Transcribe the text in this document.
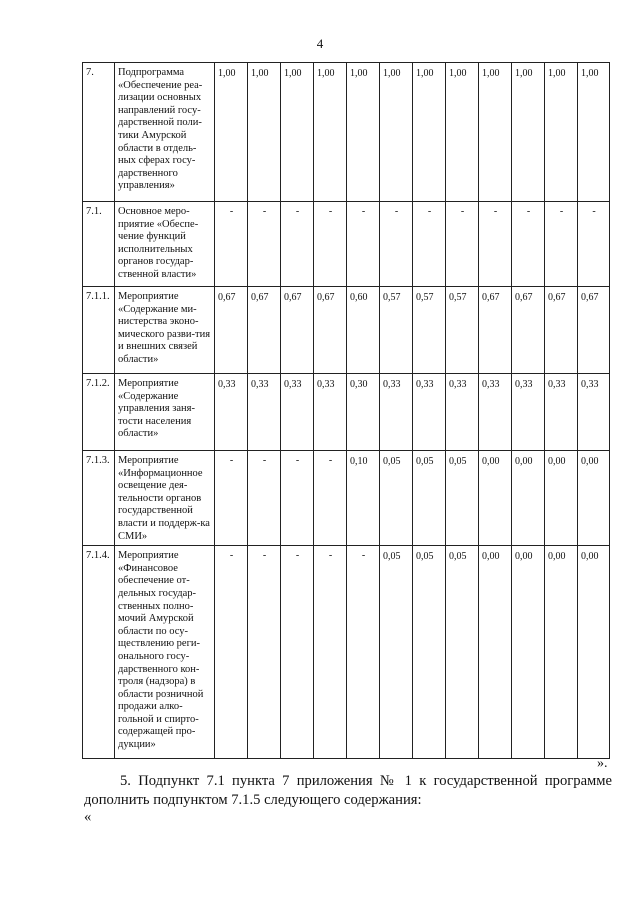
4
7.	Подпрограмма «Обеспечение реа-лизации основных направлений госу-дарственной поли-тики Амурской области в отдель-ных сферах госу-дарственного управления»	1,00	1,00	1,00	1,00	1,00	1,00	1,00	1,00	1,00	1,00	1,00	1,00
7.1.	Основное меро-приятие «Обеспе-чение функций исполнительных органов государ-ственной власти»	-	-	-	-	-	-	-	-	-	-	-	-
7.1.1.	Мероприятие «Содержание ми-нистерства эконо-мического разви-тия и внешних связей области»	0,67	0,67	0,67	0,67	0,60	0,57	0,57	0,57	0,67	0,67	0,67	0,67
7.1.2.	Мероприятие «Содержание управления заня-тости населения области»	0,33	0,33	0,33	0,33	0,30	0,33	0,33	0,33	0,33	0,33	0,33	0,33
7.1.3.	Мероприятие «Информационное освещение дея-тельности органов государственной власти и поддерж-ка СМИ»	-	-	-	-	0,10	0,05	0,05	0,05	0,00	0,00	0,00	0,00
7.1.4.	Мероприятие «Финансовое обеспечение от-дельных государ-ственных полно-мочий Амурской области по осу-ществлению реги-онального госу-дарственного кон-троля (надзора) в области розничной продажи алко-гольной и спирто-содержащей про-дукции»	-	-	-	-	-	0,05	0,05	0,05	0,00	0,00	0,00	0,00
».
5. Подпункт 7.1 пункта 7 приложения № 1 к государственной программе дополнить подпунктом 7.1.5 следующего содержания:
«
